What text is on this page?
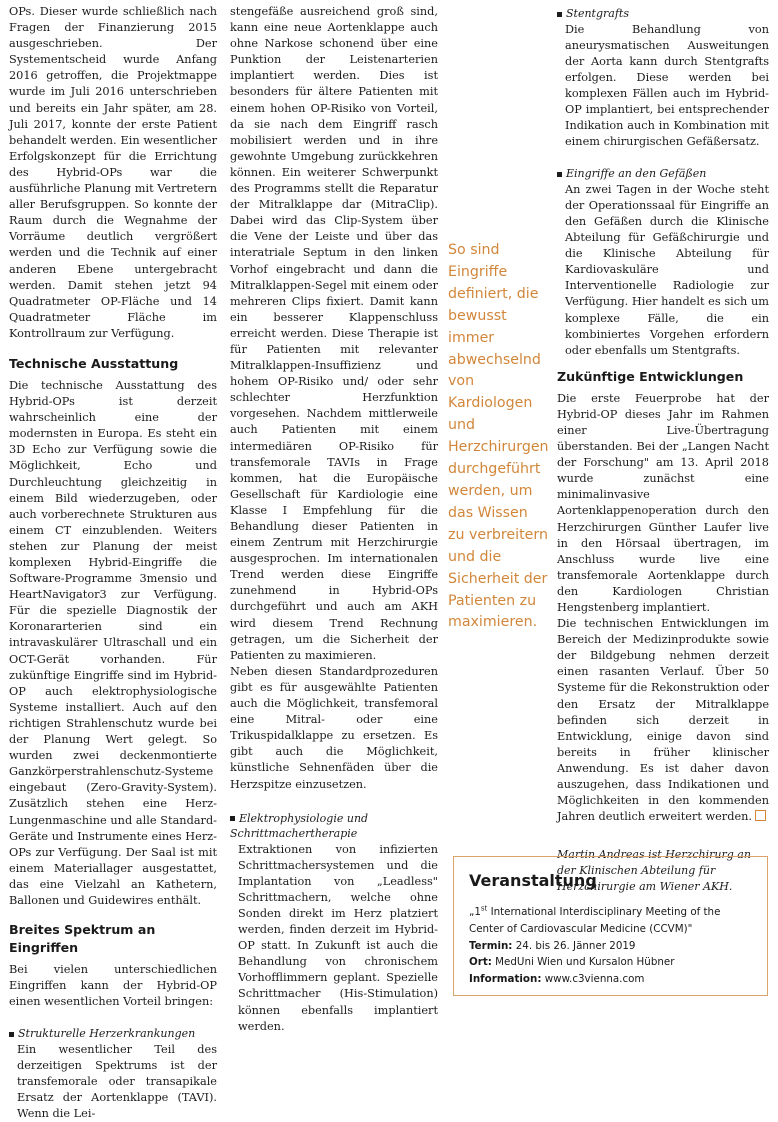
OPs. Dieser wurde schließlich nach Fragen der Finanzierung 2015 ausgeschrieben. Der Systementscheid wurde Anfang 2016 getroffen, die Projektmappe wurde im Juli 2016 unterschrieben und bereits ein Jahr später, am 28. Juli 2017, konnte der erste Patient behandelt werden. Ein wesentlicher Erfolgskonzept für die Errichtung des Hybrid-OPs war die ausführliche Planung mit Vertretern aller Berufsgruppen. So konnte der Raum durch die Wegnahme der Vorräume deutlich vergrößert werden und die Technik auf einer anderen Ebene untergebracht werden. Damit stehen jetzt 94 Quadratmeter OP-Fläche und 14 Quadratmeter Fläche im Kontrollraum zur Verfügung.

Technische Ausstattung

Die technische Ausstattung des Hybrid-OPs ist derzeit wahrscheinlich eine der modernsten in Europa. Es steht ein 3D Echo zur Verfügung sowie die Möglichkeit, Echo und Durchleuchtung gleichzeitig in einem Bild wiederzugeben, oder auch vorberechnete Strukturen aus einem CT einzublenden. Weiters stehen zur Planung der meist komplexen Hybrid-Eingriffe die Software-Programme 3mensio und HeartNavigator3 zur Verfügung. Für die spezielle Diagnostik der Koronararterien sind ein intravaskulärer Ultraschall und ein OCT-Gerät vorhanden. Für zukünftige Eingriffe sind im Hybrid-OP auch elektrophysiologische Systeme installiert. Auch auf den richtigen Strahlenschutz wurde bei der Planung Wert gelegt. So wurden zwei deckenmontierte Ganzkörperstrahlenschutz-Systeme eingebaut (Zero-Gravity-System). Zusätzlich stehen eine Herz-Lungenmaschine und alle Standard-Geräte und Instrumente eines Herz-OPs zur Verfügung. Der Saal ist mit einem Materiallager ausgestattet, das eine Vielzahl an Kathetern, Ballonen und Guidewires enthält.

Breites Spektrum an Eingriffen

Bei vielen unterschiedlichen Eingriffen kann der Hybrid-OP einen wesentlichen Vorteil bringen:

Strukturelle Herzerkrankungen

Ein wesentlicher Teil des derzeitigen Spektrums ist der transfemorale oder transapikale Ersatz der Aortenklappe (TAVI). Wenn die Lei-

stengefäße ausreichend groß sind, kann eine neue Aortenklappe auch ohne Narkose schonend über eine Punktion der Leistenarterien implantiert werden. Dies ist besonders für ältere Patienten mit einem hohen OP-Risiko von Vorteil, da sie nach dem Eingriff rasch mobilisiert werden und in ihre gewohnte Umgebung zurückkehren können. Ein weiterer Schwerpunkt des Programms stellt die Reparatur der Mitralklappe dar (MitraClip). Dabei wird das Clip-System über die Vene der Leiste und über das interatriale Septum in den linken Vorhof eingebracht und dann die Mitralklappen-Segel mit einem oder mehreren Clips fixiert. Damit kann ein besserer Klappenschluss erreicht werden. Diese Therapie ist für Patienten mit relevanter Mitralklappen-Insuffizienz und hohem OP-Risiko und/ oder sehr schlechter Herzfunktion vorgesehen. Nachdem mittlerweile auch Patienten mit einem intermediären OP-Risiko für transfemorale TAVIs in Frage kommen, hat die Europäische Gesellschaft für Kardiologie eine Klasse I Empfehlung für die Behandlung dieser Patienten in einem Zentrum mit Herzchirurgie ausgesprochen. Im internationalen Trend werden diese Eingriffe zunehmend in Hybrid-OPs durchgeführt und auch am AKH wird diesem Trend Rechnung getragen, um die Sicherheit der Patienten zu maximieren.

Neben diesen Standardprozeduren gibt es für ausgewählte Patienten auch die Möglichkeit, transfemoral eine Mitral- oder eine Trikuspidalklappe zu ersetzen. Es gibt auch die Möglichkeit, künstliche Sehnenfäden über die Herzspitze einzusetzen.

Elektrophysiologie und Schrittmachertherapie

Extraktionen von infizierten Schrittmachersystemen und die Implantation von „Leadless" Schrittmachern, welche ohne Sonden direkt im Herz platziert werden, finden derzeit im Hybrid-OP statt. In Zukunft ist auch die Behandlung von chronischem Vorhofflimmern geplant. Spezielle Schrittmacher (His-Stimulation) können ebenfalls implantiert werden.

So sind Eingriffe definiert, die bewusst immer abwechselnd von Kardiologen und Herzchirurgen durchgeführt werden, um das Wissen zu verbreitern und die Sicherheit der Patienten zu maximieren.

Stentgrafts

Die Behandlung von aneurysmatischen Ausweitungen der Aorta kann durch Stentgrafts erfolgen. Diese werden bei komplexen Fällen auch im Hybrid-OP implantiert, bei entsprechender Indikation auch in Kombination mit einem chirurgischen Gefäßersatz.

Eingriffe an den Gefäßen

An zwei Tagen in der Woche steht der Operationssaal für Eingriffe an den Gefäßen durch die Klinische Abteilung für Gefäßchirurgie und die Klinische Abteilung für Kardiovaskuläre und Interventionelle Radiologie zur Verfügung. Hier handelt es sich um komplexe Fälle, die ein kombiniertes Vorgehen erfordern oder ebenfalls um Stentgrafts.

Zukünftige Entwicklungen

Die erste Feuerprobe hat der Hybrid-OP dieses Jahr im Rahmen einer Live-Übertragung überstanden. Bei der „Langen Nacht der Forschung" am 13. April 2018 wurde zunächst eine minimalinvasive Aortenklappenoperation durch den Herzchirurgen Günther Laufer live in den Hörsaal übertragen, im Anschluss wurde live eine transfemorale Aortenklappe durch den Kardiologen Christian Hengstenberg implantiert.

Die technischen Entwicklungen im Bereich der Medizinprodukte sowie der Bildgebung nehmen derzeit einen rasanten Verlauf. Über 50 Systeme für die Rekonstruktion oder den Ersatz der Mitralklappe befinden sich derzeit in Entwicklung, einige davon sind bereits in früher klinischer Anwendung. Es ist daher davon auszugehen, dass Indikationen und Möglichkeiten in den kommenden Jahren deutlich erweitert werden.

Martin Andreas ist Herzchirurg an der Klinischen Abteilung für Herzchirurgie am Wiener AKH.

Veranstaltung

„1st International Interdisciplinary Meeting of the Center of Cardiovascular Medicine (CCVM)"

Termin: 24. bis 26. Jänner 2019

Ort: MedUni Wien und Kursalon Hübner

Information: www.c3vienna.com
